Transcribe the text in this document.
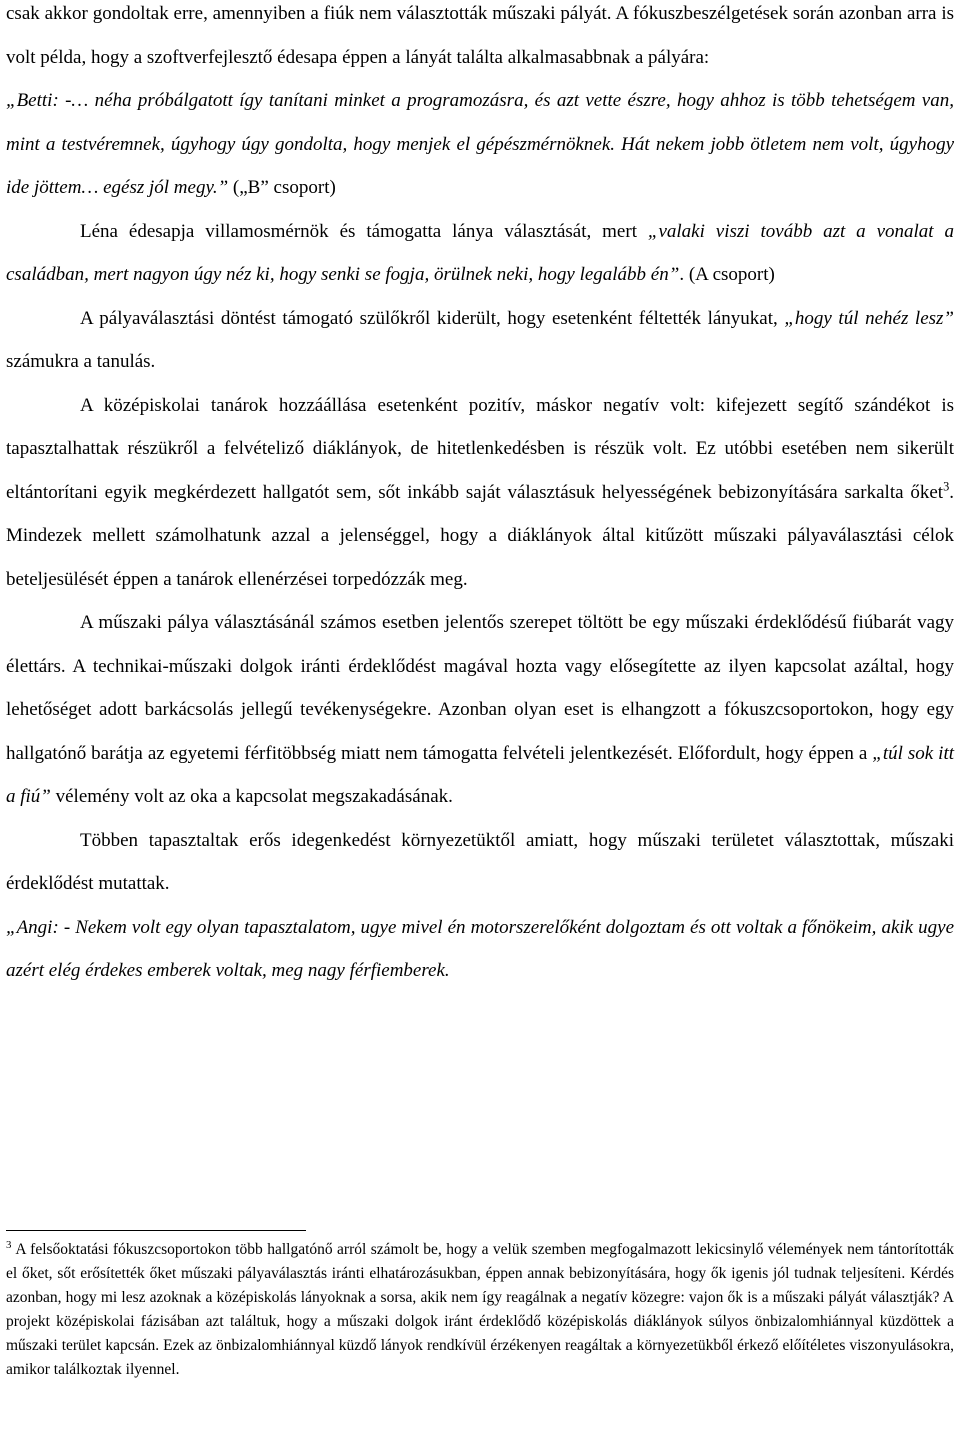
csak akkor gondoltak erre, amennyiben a fiúk nem választották műszaki pályát. A fókuszbeszélgetések során azonban arra is volt példa, hogy a szoftverfejlesztő édesapa éppen a lányát találta alkalmasabbnak a pályára:

„Betti: -… néha próbálgatott így tanítani minket a programozásra, és azt vette észre, hogy ahhoz is több tehetségem van, mint a testvéremnek, úgyhogy úgy gondolta, hogy menjek el gépészmérnöknek. Hát nekem jobb ötletem nem volt, úgyhogy ide jöttem… egész jól megy.” („B” csoport)

Léna édesapja villamosmérnök és támogatta lánya választását, mert „valaki viszi tovább azt a vonalat a családban, mert nagyon úgy néz ki, hogy senki se fogja, örülnek neki, hogy legalább én”. (A csoport)

A pályaválasztási döntést támogató szülőkről kiderült, hogy esetenként féltették lányukat, „hogy túl nehéz lesz” számukra a tanulás.

A középiskolai tanárok hozzáállása esetenként pozitív, máskor negatív volt: kifejezett segítő szándékot is tapasztalhattak részükről a felvételiző diáklányok, de hitetlenkedésben is részük volt. Ez utóbbi esetében nem sikerült eltántorítani egyik megkérdezett hallgatót sem, sőt inkább saját választásuk helyességének bebizonyítására sarkalta őket$^3$. Mindezek mellett számolhatunk azzal a jelenséggel, hogy a diáklányok által kitűzött műszaki pályaválasztási célok beteljesülését éppen a tanárok ellenérzései torpedózzák meg.

A műszaki pálya választásánál számos esetben jelentős szerepet töltött be egy műszaki érdeklődésű fiúbarát vagy élettárs. A technikai-műszaki dolgok iránti érdeklődést magával hozta vagy elősegítette az ilyen kapcsolat azáltal, hogy lehetőséget adott barkácsolás jellegű tevékenységekre. Azonban olyan eset is elhangzott a fókuszcsoportokon, hogy egy hallgatónő barátja az egyetemi férfitöbbség miatt nem támogatta felvételi jelentkezését. Előfordult, hogy éppen a „túl sok itt a fiú” vélemény volt az oka a kapcsolat megszakadásának.

Többen tapasztaltak erős idegenkedést környezetüktől amiatt, hogy műszaki területet választottak, műszaki érdeklődést mutattak.

„Angi: - Nekem volt egy olyan tapasztalatom, ugye mivel én motorszerelőként dolgoztam és ott voltak a főnökeim, akik ugye azért elég érdekes emberek voltak, meg nagy férfiemberek.

$^3$ A felsőoktatási fókuszcsoportokon több hallgatónő arról számolt be, hogy a velük szemben megfogalmazott lekicsinylő vélemények nem tántorították el őket, sőt erősítették őket műszaki pályaválasztás iránti elhatározásukban, éppen annak bebizonyítására, hogy ők igenis jól tudnak teljesíteni. Kérdés azonban, hogy mi lesz azoknak a középiskolás lányoknak a sorsa, akik nem így reagálnak a negatív közegre: vajon ők is a műszaki pályát választják? A projekt középiskolai fázisában azt találtuk, hogy a műszaki dolgok iránt érdeklődő középiskolás diáklányok súlyos önbizalomhiánnyal küzdöttek a műszaki terület kapcsán. Ezek az önbizalomhiánnyal küzdő lányok rendkívül érzékenyen reagáltak a környezetükből érkező előítéletes viszonyulásokra, amikor találkoztak ilyennel.
